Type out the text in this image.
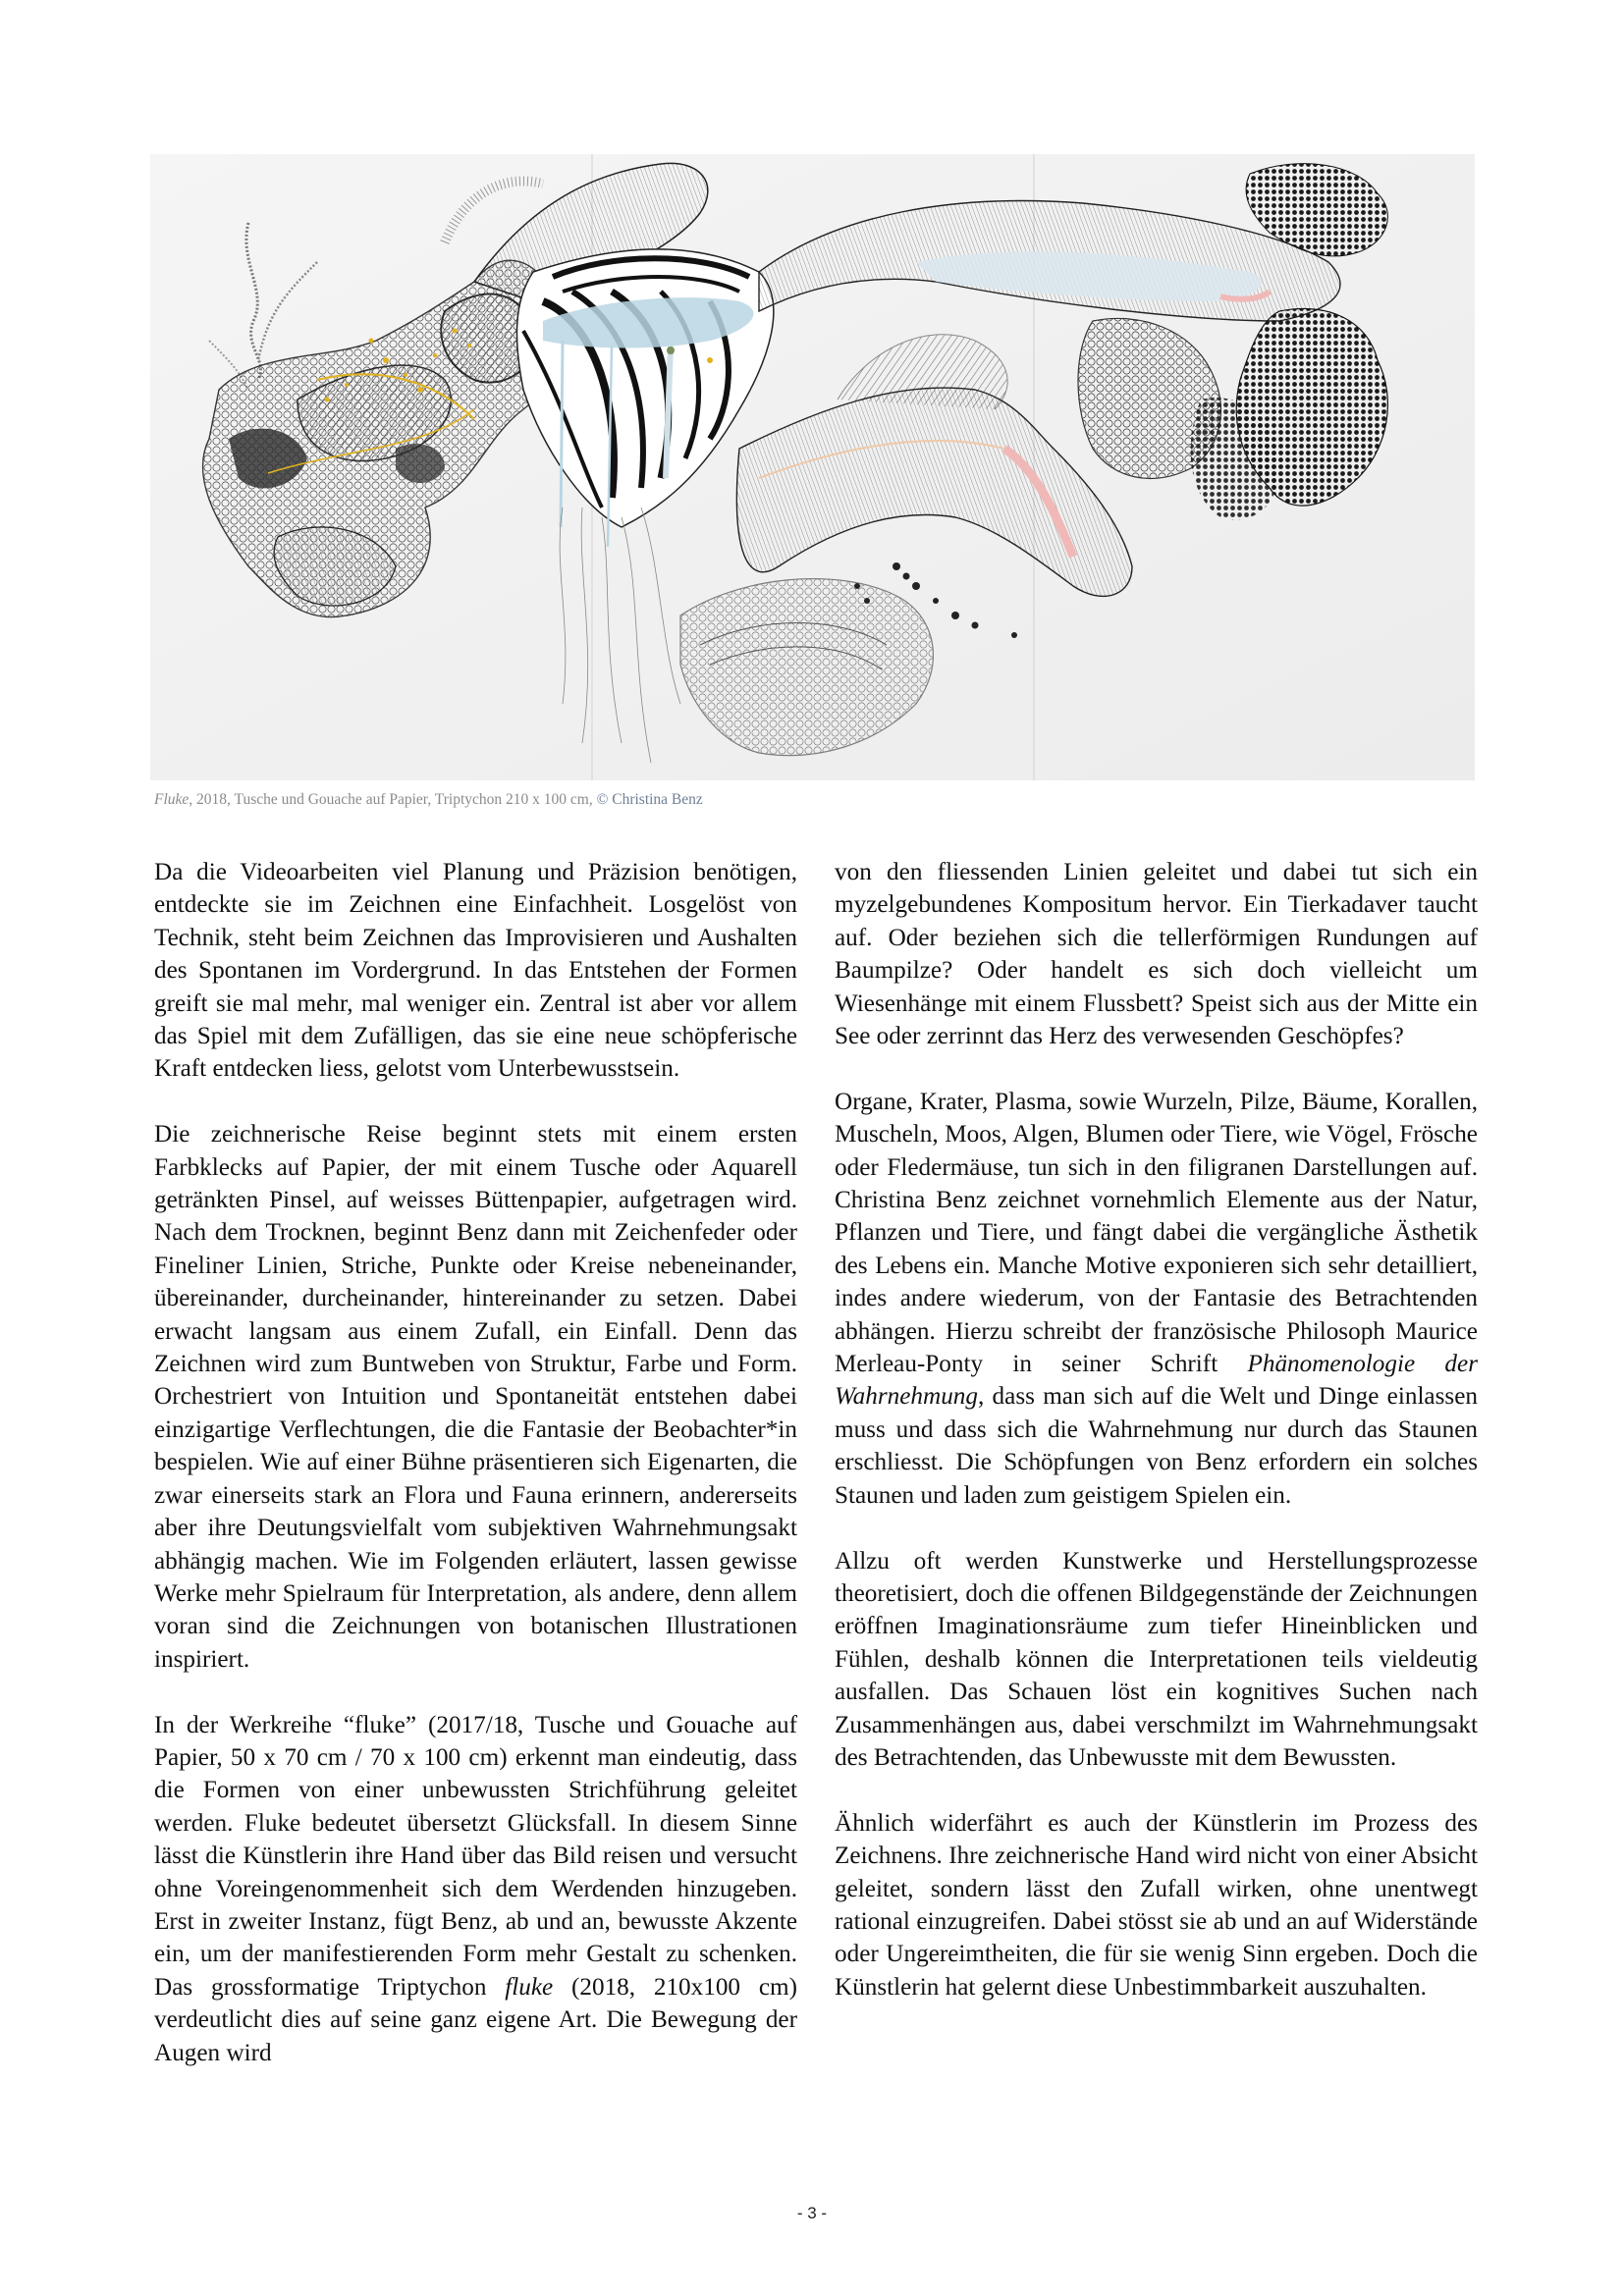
Fluke, 2018, Tusche und Gouache auf Papier, Triptychon 210 x 100 cm, © Christina Benz

Da die Videoarbeiten viel Planung und Präzision benötigen, entdeckte sie im Zeichnen eine Einfachheit. Losgelöst von Technik, steht beim Zeichnen das Improvisieren und Aushalten des Spontanen im Vordergrund. In das Entstehen der Formen greift sie mal mehr, mal weniger ein. Zentral ist aber vor allem das Spiel mit dem Zufälligen, das sie eine neue schöpferische Kraft entdecken liess, gelotst vom Unterbewusstsein.

Die zeichnerische Reise beginnt stets mit einem ersten Farbklecks auf Papier, der mit einem Tusche oder Aquarell getränkten Pinsel, auf weisses Büttenpapier, aufgetragen wird. Nach dem Trocknen, beginnt Benz dann mit Zeichenfeder oder Fineliner Linien, Striche, Punkte oder Kreise nebeneinander, übereinander, durcheinander, hintereinander zu setzen. Dabei erwacht langsam aus einem Zufall, ein Einfall. Denn das Zeichnen wird zum Buntweben von Struktur, Farbe und Form. Orchestriert von Intuition und Spontaneität entstehen dabei einzigartige Verflechtungen, die die Fantasie der Beobachter*in bespielen. Wie auf einer Bühne präsentieren sich Eigenarten, die zwar einerseits stark an Flora und Fauna erinnern, andererseits aber ihre Deutungsvielfalt vom subjektiven Wahrnehmungsakt abhängig machen. Wie im Folgenden erläutert, lassen gewisse Werke mehr Spielraum für Interpretation, als andere, denn allem voran sind die Zeichnungen von botanischen Illustrationen inspiriert.

In der Werkreihe “fluke” (2017/18, Tusche und Gouache auf Papier, 50 x 70 cm / 70 x 100 cm) erkennt man eindeutig, dass die Formen von einer unbewussten Strichführung geleitet werden. Fluke bedeutet übersetzt Glücksfall. In diesem Sinne lässt die Künstlerin ihre Hand über das Bild reisen und versucht ohne Voreingenommenheit sich dem Werdenden hinzugeben. Erst in zweiter Instanz, fügt Benz, ab und an, bewusste Akzente ein, um der manifestierenden Form mehr Gestalt zu schenken. Das grossformatige Triptychon fluke (2018, 210x100 cm) verdeutlicht dies auf seine ganz eigene Art. Die Bewegung der Augen wird

von den fliessenden Linien geleitet und dabei tut sich ein myzelgebundenes Kompositum hervor. Ein Tierkadaver taucht auf. Oder beziehen sich die tellerförmigen Rundungen auf Baumpilze? Oder handelt es sich doch vielleicht um Wiesenhänge mit einem Flussbett? Speist sich aus der Mitte ein See oder zerrinnt das Herz des verwesenden Geschöpfes?

Organe, Krater, Plasma, sowie Wurzeln, Pilze, Bäume, Korallen, Muscheln, Moos, Algen, Blumen oder Tiere, wie Vögel, Frösche oder Fledermäuse, tun sich in den filigranen Darstellungen auf. Christina Benz zeichnet vornehmlich Elemente aus der Natur, Pflanzen und Tiere, und fängt dabei die vergängliche Ästhetik des Lebens ein. Manche Motive exponieren sich sehr detailliert, indes andere wiederum, von der Fantasie des Betrachtenden abhängen. Hierzu schreibt der französische Philosoph Maurice Merleau-Ponty in seiner Schrift Phänomenologie der Wahrnehmung, dass man sich auf die Welt und Dinge einlassen muss und dass sich die Wahrnehmung nur durch das Staunen erschliesst. Die Schöpfungen von Benz erfordern ein solches Staunen und laden zum geistigem Spielen ein.

Allzu oft werden Kunstwerke und Herstellungsprozesse theoretisiert, doch die offenen Bildgegenstände der Zeichnungen eröffnen Imaginationsräume zum tiefer Hineinblicken und Fühlen, deshalb können die Interpretationen teils vieldeutig ausfallen. Das Schauen löst ein kognitives Suchen nach Zusammenhängen aus, dabei verschmilzt im Wahrnehmungsakt des Betrachtenden, das Unbewusste mit dem Bewussten.

Ähnlich widerfährt es auch der Künstlerin im Prozess des Zeichnens. Ihre zeichnerische Hand wird nicht von einer Absicht geleitet, sondern lässt den Zufall wirken, ohne unentwegt rational einzugreifen. Dabei stösst sie ab und an auf Widerstände oder Ungereimtheiten, die für sie wenig Sinn ergeben. Doch die Künstlerin hat gelernt diese Unbestimmbarkeit auszuhalten.

- 3 -
